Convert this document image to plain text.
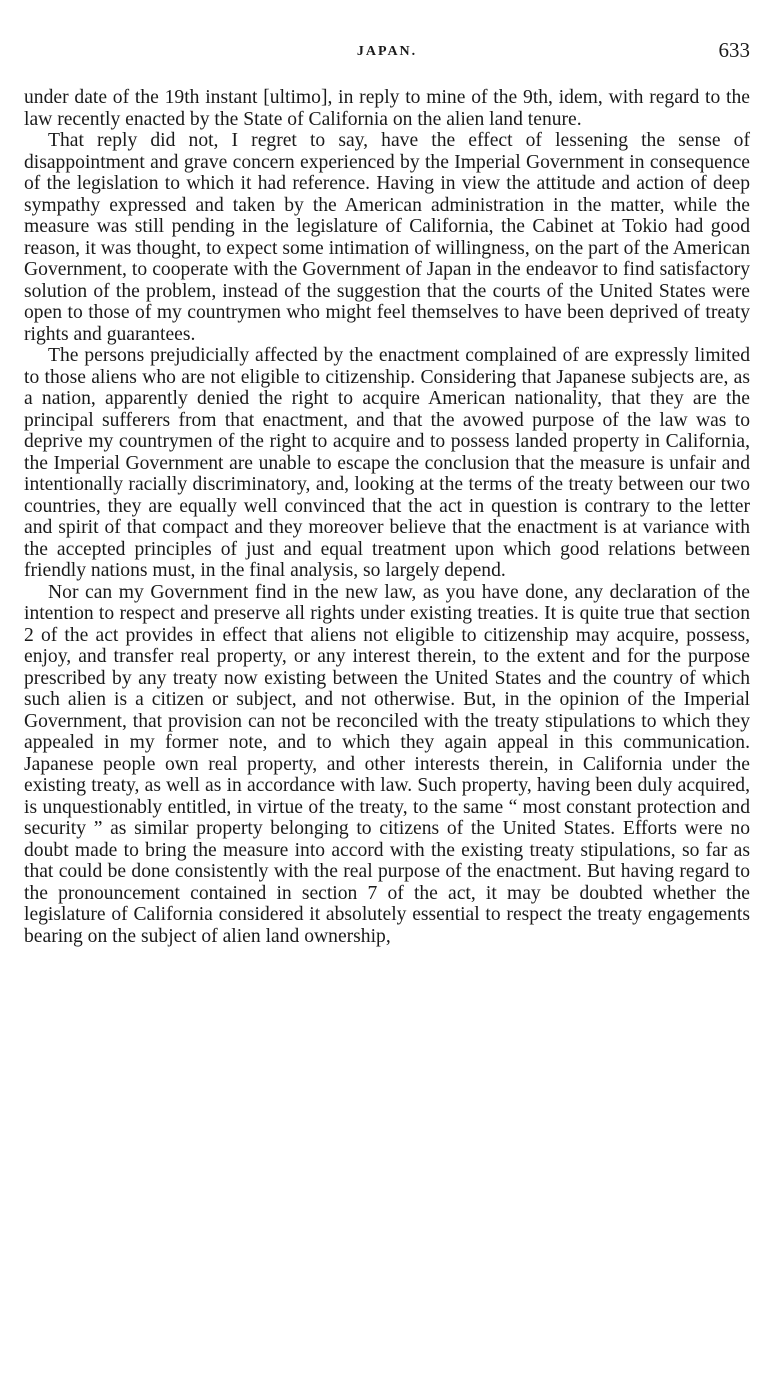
JAPAN.	633

under date of the 19th instant [ultimo], in reply to mine of the 9th, idem, with regard to the law recently enacted by the State of California on the alien land tenure.

That reply did not, I regret to say, have the effect of lessening the sense of disappointment and grave concern experienced by the Imperial Government in consequence of the legislation to which it had reference. Having in view the attitude and action of deep sympathy expressed and taken by the American administration in the matter, while the measure was still pending in the legislature of California, the Cabinet at Tokio had good reason, it was thought, to expect some intimation of willingness, on the part of the American Government, to cooperate with the Government of Japan in the endeavor to find satisfactory solution of the problem, instead of the suggestion that the courts of the United States were open to those of my countrymen who might feel themselves to have been deprived of treaty rights and guarantees.

The persons prejudicially affected by the enactment complained of are expressly limited to those aliens who are not eligible to citizenship. Considering that Japanese subjects are, as a nation, apparently denied the right to acquire American nationality, that they are the principal sufferers from that enactment, and that the avowed purpose of the law was to deprive my countrymen of the right to acquire and to possess landed property in California, the Imperial Government are unable to escape the conclusion that the measure is unfair and intentionally racially discriminatory, and, looking at the terms of the treaty between our two countries, they are equally well convinced that the act in question is contrary to the letter and spirit of that compact and they moreover believe that the enactment is at variance with the accepted principles of just and equal treatment upon which good relations between friendly nations must, in the final analysis, so largely depend.

Nor can my Government find in the new law, as you have done, any declaration of the intention to respect and preserve all rights under existing treaties. It is quite true that section 2 of the act provides in effect that aliens not eligible to citizenship may acquire, possess, enjoy, and transfer real property, or any interest therein, to the extent and for the purpose prescribed by any treaty now existing between the United States and the country of which such alien is a citizen or subject, and not otherwise. But, in the opinion of the Imperial Government, that provision can not be reconciled with the treaty stipulations to which they appealed in my former note, and to which they again appeal in this communication. Japanese people own real property, and other interests therein, in California under the existing treaty, as well as in accordance with law. Such property, having been duly acquired, is unquestionably entitled, in virtue of the treaty, to the same “ most constant protection and security ” as similar property belonging to citizens of the United States. Efforts were no doubt made to bring the measure into accord with the existing treaty stipulations, so far as that could be done consistently with the real purpose of the enactment. But having regard to the pronouncement contained in section 7 of the act, it may be doubted whether the legislature of California considered it absolutely essential to respect the treaty engagements bearing on the subject of alien land ownership,
